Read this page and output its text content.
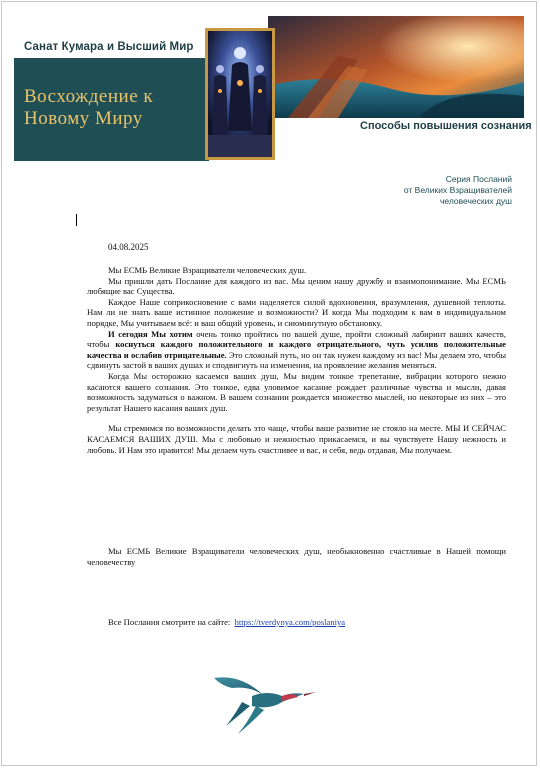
Санат Кумара и Высший Мир
Восхождение к Новому Миру	Способы повышения сознания
Серия Посланий
от Великих Взращивателей
человеческих душ
04.08.2025

Мы ЕСМЬ Великие Взращиватели человеческих душ.

Мы пришли дать Послание для каждого из вас. Мы ценим нашу дружбу и взаимопонимание. Мы ЕСМЬ любящие вас Существа.

Каждое Наше соприкосновение с вами наделяется силой вдохновения, вразумления, душевной теплоты. Нам ли не знать ваше истинное положение и возможности? И когда Мы подходим к вам в индивидуальном порядке, Мы учитываем всё: и ваш общий уровень, и сиюминутную обстановку.

И сегодня Мы хотим очень тонко пройтись по вашей душе, пройти сложный лабиринт ваших качеств, чтобы коснуться каждого положительного и каждого отрицательного, чуть усилив положительные качества и ослабив отрицательные. Это сложный путь, но он так нужен каждому из вас! Мы делаем это, чтобы сдвинуть застой в ваших душах и сподвигнуть на изменения, на проявление желания меняться.

Когда Мы осторожно касаемся ваших душ, Мы видим тонкое трепетание, вибрации которого нежно касаются вашего сознания. Это тонкое, едва уловимое касание рождает различные чувства и мысли, давая возможность задуматься о важном. В вашем сознании рождается множество мыслей, но некоторые из них – это результат Нашего касания ваших душ.

Мы стремимся по возможности делать это чаще, чтобы ваше развитие не стояло на месте. МЫ И СЕЙЧАС КАСАЕМСЯ ВАШИХ ДУШ. Мы с любовью и нежностью прикасаемся, и вы чувствуете Нашу нежность и любовь. И Нам это нравится! Мы делаем чуть счастливее и вас, и себя, ведь отдавая, Мы получаем.

Мы ЕСМЬ Великие Взращиватели человеческих душ, необыкновенно счастливые в Нашей помощи человечеству
Все Послания смотрите на сайте: https://tverdynya.com/poslaniya
